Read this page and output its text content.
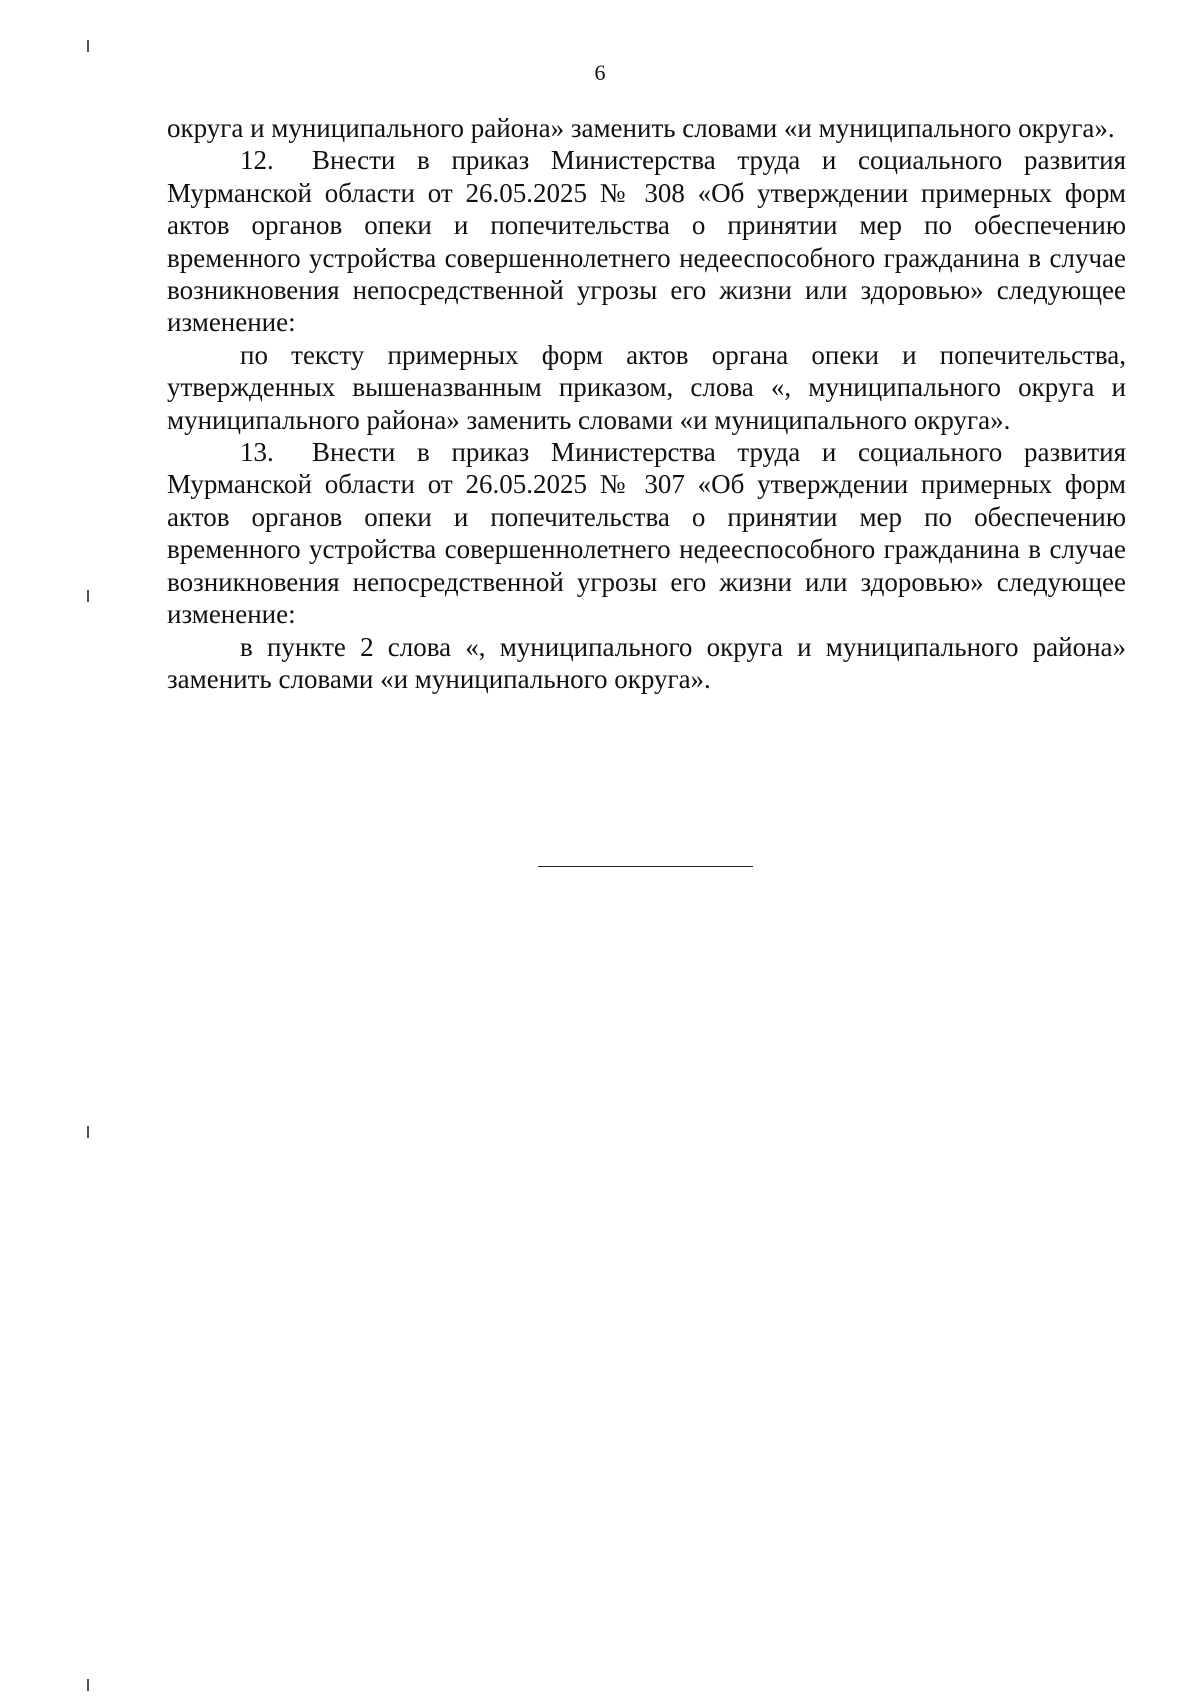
6

округа и муниципального района» заменить словами «и муниципального округа».

12. Внести в приказ Министерства труда и социального развития Мурманской области от 26.05.2025 № 308 «Об утверждении примерных форм актов органов опеки и попечительства о принятии мер по обеспечению временного устройства совершеннолетнего недееспособного гражданина в случае возникновения непосредственной угрозы его жизни или здоровью» следующее изменение:

по тексту примерных форм актов органа опеки и попечительства, утвержденных вышеназванным приказом, слова «, муниципального округа и муниципального района» заменить словами «и муниципального округа».

13. Внести в приказ Министерства труда и социального развития Мурманской области от 26.05.2025 № 307 «Об утверждении примерных форм актов органов опеки и попечительства о принятии мер по обеспечению временного устройства совершеннолетнего недееспособного гражданина в случае возникновения непосредственной угрозы его жизни или здоровью» следующее изменение:

в пункте 2 слова «, муниципального округа и муниципального района» заменить словами «и муниципального округа».
